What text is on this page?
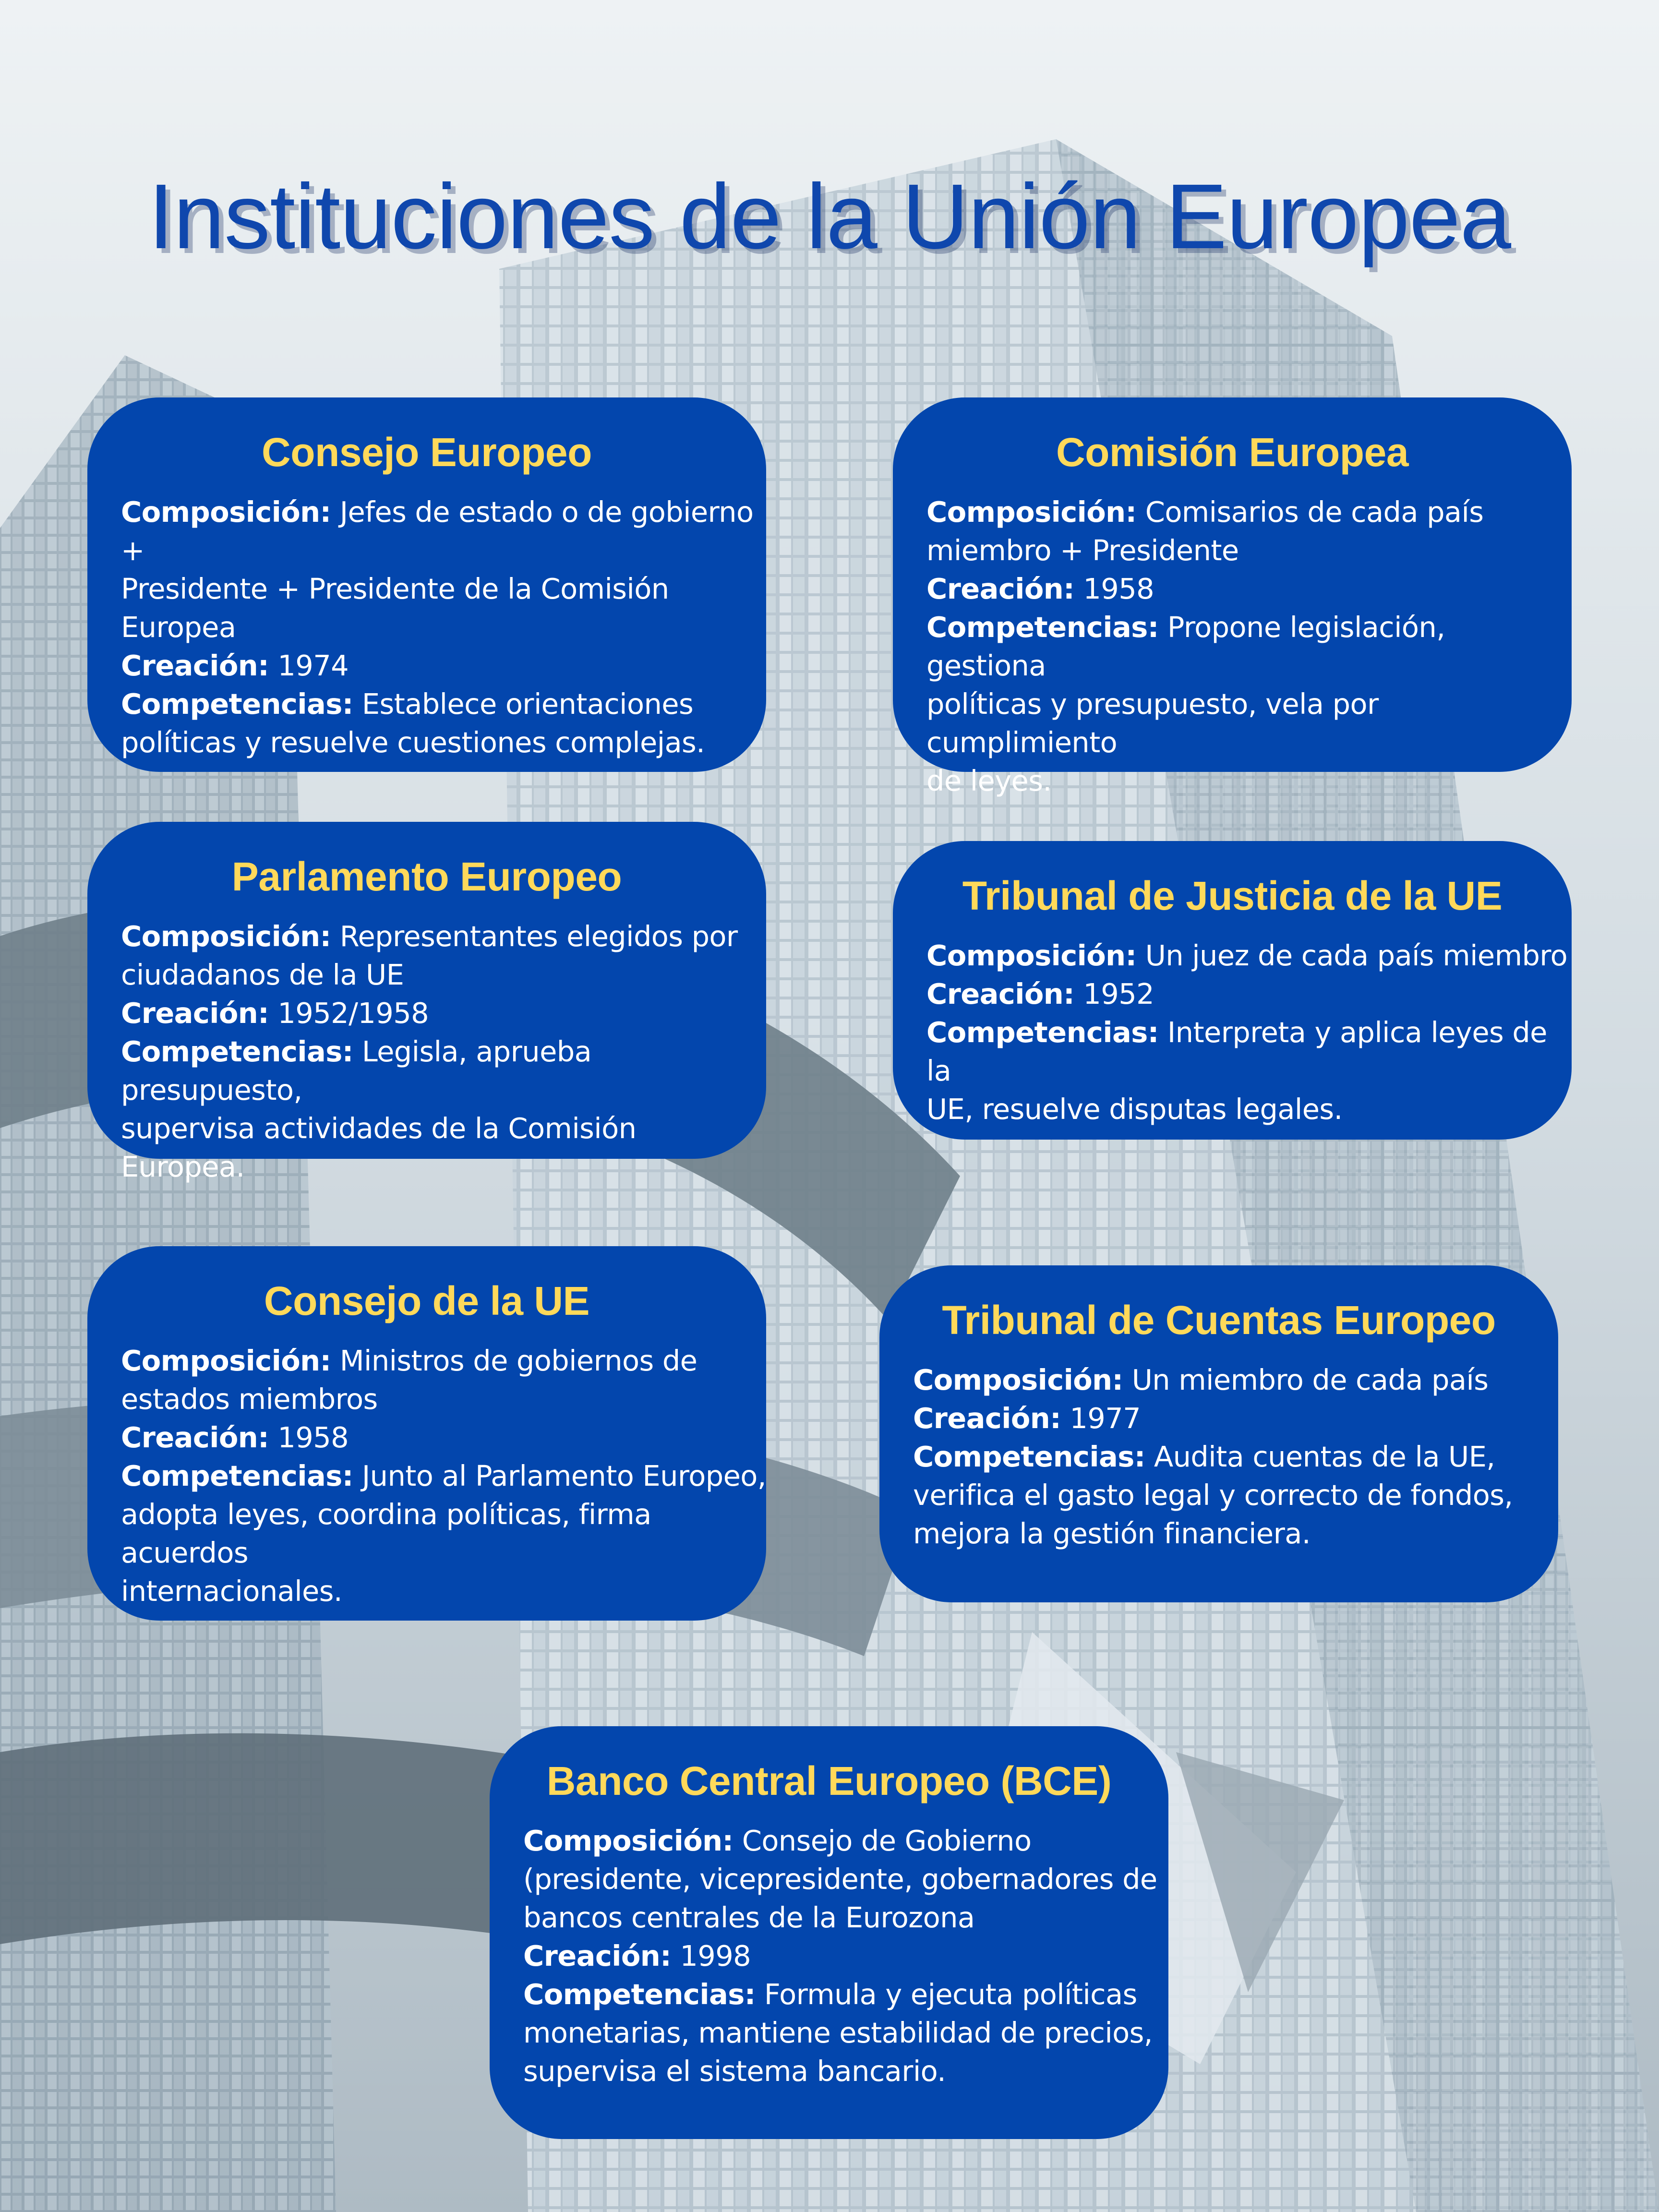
Instituciones de la Unión Europea
Consejo Europeo
Composición: Jefes de estado o de gobierno +
Presidente + Presidente de la Comisión
Europea
Creación: 1974
Competencias: Establece orientaciones
políticas y resuelve cuestiones complejas.
Comisión Europea
Composición: Comisarios de cada país
miembro + Presidente
Creación: 1958
Competencias: Propone legislación, gestiona
políticas y presupuesto, vela por cumplimiento
de leyes.
Parlamento Europeo
Composición: Representantes elegidos por
ciudadanos de la UE
Creación: 1952/1958
Competencias: Legisla, aprueba presupuesto,
supervisa actividades de la Comisión Europea.
Tribunal de Justicia de la UE
Composición: Un juez de cada país miembro
Creación: 1952
Competencias: Interpreta y aplica leyes de la
UE, resuelve disputas legales.
Consejo de la UE
Composición: Ministros de gobiernos de
estados miembros
Creación: 1958
Competencias: Junto al Parlamento Europeo,
adopta leyes, coordina políticas, firma acuerdos
internacionales.
Tribunal de Cuentas Europeo
Composición: Un miembro de cada país
Creación: 1977
Competencias: Audita cuentas de la UE,
verifica el gasto legal y correcto de fondos,
mejora la gestión financiera.
Banco Central Europeo (BCE)
Composición: Consejo de Gobierno
(presidente, vicepresidente, gobernadores de
bancos centrales de la Eurozona
Creación: 1998
Competencias: Formula y ejecuta políticas
monetarias, mantiene estabilidad de precios,
supervisa el sistema bancario.
